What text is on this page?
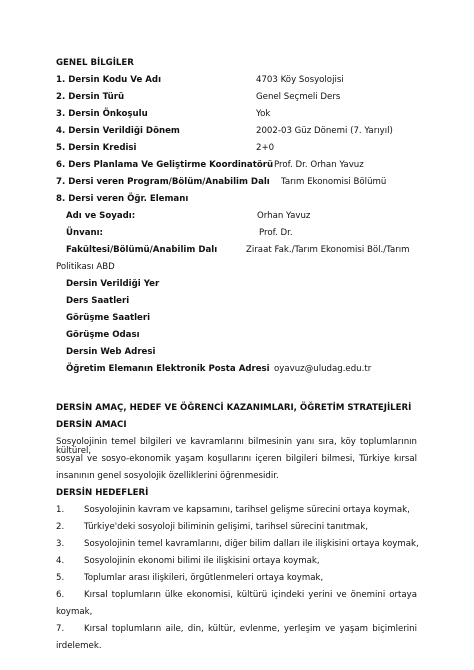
GENEL BİLGİLER
1. Dersin Kodu Ve Adı	4703 Köy Sosyolojisi
2. Dersin Türü	Genel Seçmeli Ders
3. Dersin Önkoşulu	Yok
4. Dersin Verildiği Dönem	2002-03 Güz Dönemi (7. Yarıyıl)
5. Dersin Kredisi	2+0
6. Ders Planlama Ve Geliştirme Koordinatörü Prof. Dr. Orhan Yavuz
7. Dersi veren Program/Bölüm/Anabilim Dalı Tarım Ekonomisi Bölümü
8. Dersi veren Öğr. Elemanı
Adı ve Soyadı:	Orhan Yavuz
Ünvanı:	Prof. Dr.
Fakültesi/Bölümü/Anabilim Dalı	Ziraat Fak./Tarım Ekonomisi Böl./Tarım
Politikası ABD
Dersin Verildiği Yer
Ders Saatleri
Görüşme Saatleri
Görüşme Odası
Dersin Web Adresi
Öğretim Elemanın Elektronik Posta Adresi oyavuz@uludag.edu.tr
DERSİN AMAÇ, HEDEF VE ÖĞRENCİ KAZANIMLARI, ÖĞRETİM STRATEJİLERİ
DERSİN AMACI
Sosyolojinin temel bilgileri ve kavramlarını bilmesinin yanı sıra, köy toplumlarının kültürel,
sosyal ve sosyo-ekonomik yaşam koşullarını içeren bilgileri bilmesi, Türkiye kırsal
insanının genel sosyolojik özelliklerini öğrenmesidir.
DERSİN HEDEFLERİ
1. Sosyolojinin kavram ve kapsamını, tarihsel gelişme sürecini ortaya koymak,
2. Türkiye'deki sosyoloji biliminin gelişimi, tarihsel sürecini tanıtmak,
3. Sosyolojinin temel kavramlarını, diğer bilim dalları ile ilişkisini ortaya koymak,
4. Sosyolojinin ekonomi bilimi ile ilişkisini ortaya koymak,
5. Toplumlar arası ilişkileri, örgütlenmeleri ortaya koymak,
6. Kırsal toplumların ülke ekonomisi, kültürü içindeki yerini ve önemini ortaya
koymak,
7. Kırsal toplumların aile, din, kültür, evlenme, yerleşim ve yaşam biçimlerini
irdelemek.
